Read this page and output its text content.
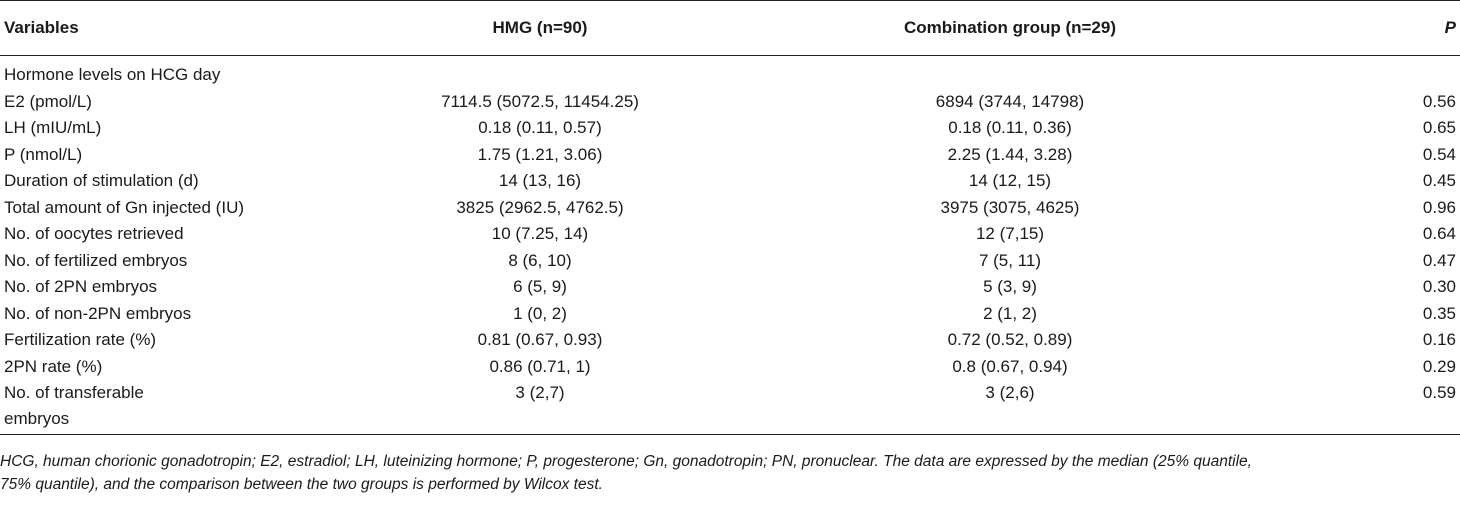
Variables	HMG (n=90)	Combination group (n=29)	P
Hormone levels on HCG day			
E2 (pmol/L)	7114.5 (5072.5, 11454.25)	6894 (3744, 14798)	0.56
LH (mIU/mL)	0.18 (0.11, 0.57)	0.18 (0.11, 0.36)	0.65
P (nmol/L)	1.75 (1.21, 3.06)	2.25 (1.44, 3.28)	0.54
Duration of stimulation (d)	14 (13, 16)	14 (12, 15)	0.45
Total amount of Gn injected (IU)	3825 (2962.5, 4762.5)	3975 (3075, 4625)	0.96
No. of oocytes retrieved	10 (7.25, 14)	12 (7,15)	0.64
No. of fertilized embryos	8 (6, 10)	7 (5, 11)	0.47
No. of 2PN embryos	6 (5, 9)	5 (3, 9)	0.30
No. of non-2PN embryos	1 (0, 2)	2 (1, 2)	0.35
Fertilization rate (%)	0.81 (0.67, 0.93)	0.72 (0.52, 0.89)	0.16
2PN rate (%)	0.86 (0.71, 1)	0.8 (0.67, 0.94)	0.29

No. of transferable
embryos	3 (2,7)	3 (2,6)	0.59
HCG, human chorionic gonadotropin; E2, estradiol; LH, luteinizing hormone; P, progesterone; Gn, gonadotropin; PN, pronuclear. The data are expressed by the median (25% quantile,
75% quantile), and the comparison between the two groups is performed by Wilcox test.
